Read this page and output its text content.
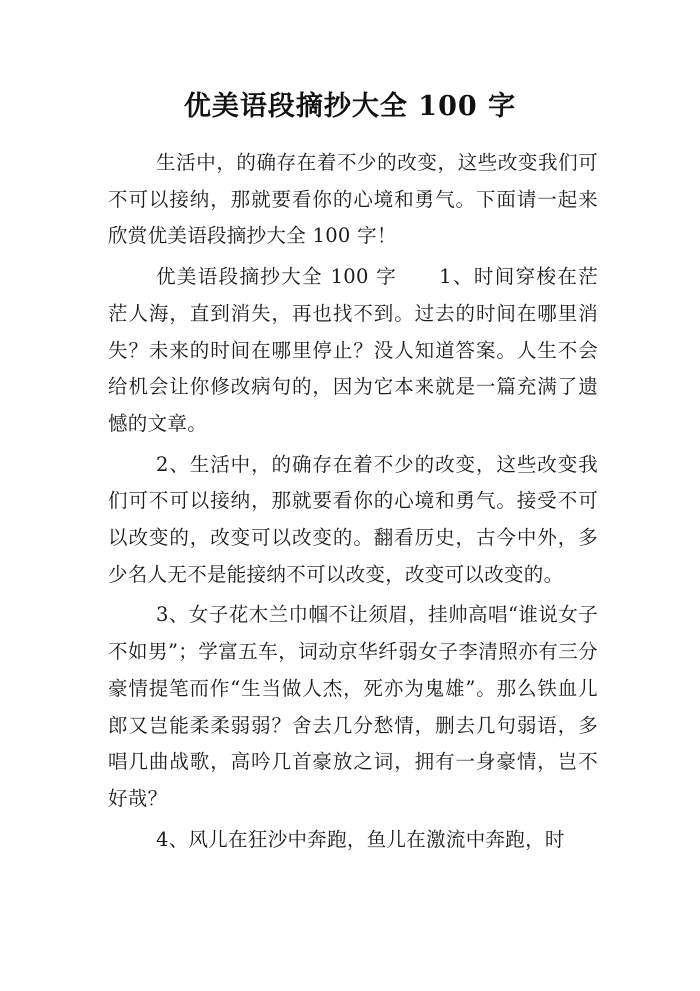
优美语段摘抄大全 100 字

生活中，的确存在着不少的改变，这些改变我们可不可以接纳，那就要看你的心境和勇气。下面请一起来欣赏优美语段摘抄大全 100 字！

优美语段摘抄大全 100 字 1、时间穿梭在茫茫人海，直到消失，再也找不到。过去的时间在哪里消失？未来的时间在哪里停止？没人知道答案。人生不会给机会让你修改病句的，因为它本来就是一篇充满了遗憾的文章。

2、生活中，的确存在着不少的改变，这些改变我们可不可以接纳，那就要看你的心境和勇气。接受不可以改变的，改变可以改变的。翻看历史，古今中外，多少名人无不是能接纳不可以改变，改变可以改变的。

3、女子花木兰巾帼不让须眉，挂帅高唱“谁说女子不如男”；学富五车，词动京华纤弱女子李清照亦有三分豪情提笔而作“生当做人杰，死亦为鬼雄”。那么铁血儿郎又岂能柔柔弱弱？舍去几分愁情，删去几句弱语，多唱几曲战歌，高吟几首豪放之词，拥有一身豪情，岂不好哉？

4、风儿在狂沙中奔跑，鱼儿在激流中奔跑，时
